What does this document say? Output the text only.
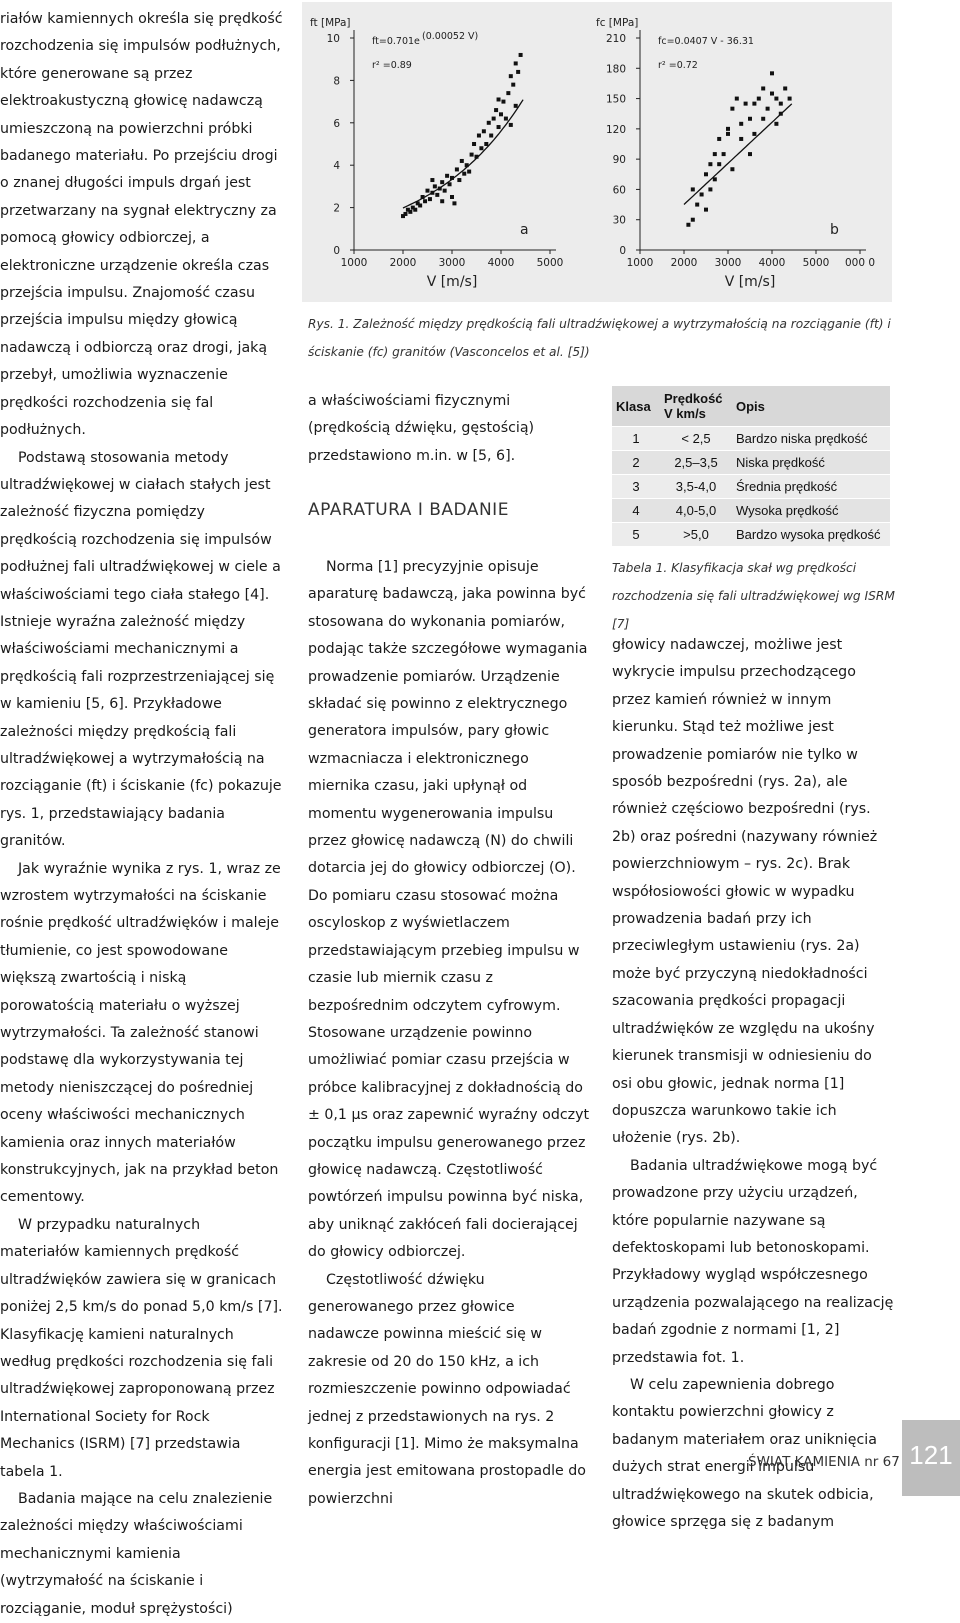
riałów kamiennych określa się prędkość rozchodzenia się impulsów podłużnych, które generowane są przez elektroakustyczną głowicę nadawczą umieszczoną na powierzchni próbki badanego materiału. Po przejściu drogi o znanej długości impuls drgań jest przetwarzany na sygnał elektryczny za pomocą głowicy odbiorczej, a elektroniczne urządzenie określa czas przejścia impulsu. Znajomość czasu przejścia impulsu między głowicą nadawczą i odbiorczą oraz drogi, jaką przebył, umożliwia wyznaczenie prędkości rozchodzenia się fal podłużnych.

Podstawą stosowania metody ultradźwiękowej w ciałach stałych jest zależność fizyczna pomiędzy prędkością rozchodzenia się impulsów podłużnej fali ultradźwiękowej w ciele a właściwościami tego ciała stałego [4]. Istnieje wyraźna zależność między właściwościami mechanicznymi a prędkością fali rozprzestrzeniającej się w kamieniu [5, 6]. Przykładowe zależności między prędkością fali ultradźwiękowej a wytrzymałością na rozciąganie (ft) i ściskanie (fc) pokazuje rys. 1, przedstawiający badania granitów.

Jak wyraźnie wynika z rys. 1, wraz ze wzrostem wytrzymałości na ściskanie rośnie prędkość ultradźwięków i maleje tłumienie, co jest spowodowane większą zwartością i niską porowatością materiału o wyższej wytrzymałości. Ta zależność stanowi podstawę dla wykorzystywania tej metody nieniszczącej do pośredniej oceny właściwości mechanicznych kamienia oraz innych materiałów konstrukcyjnych, jak na przykład beton cementowy.

W przypadku naturalnych materiałów kamiennych prędkość ultradźwięków zawiera się w granicach poniżej 2,5 km/s do ponad 5,0 km/s [7]. Klasyfikację kamieni naturalnych według prędkości rozchodzenia się fali ultradźwiękowej zaproponowaną przez International Society for Rock Mechanics (ISRM) [7] przedstawia tabela 1.

Badania mające na celu znalezienie zależności między właściwościami mechanicznymi kamienia (wytrzymałość na ściskanie i rozciąganie, moduł sprężystości)

0
2
4
6
8
10
1000 2000 3000 4000 5000
ft [MPa]
V [m/s]
a
ft=0.701e (0.00052 V)
r² =0.89
0
30
60
90
120
150
180
210
1000 2000 3000 4000 5000 000 0
fc [MPa]
V [m/s]
b
fc=0.0407 V - 36.31
r² =0.72
Rys. 1. Zależność między prędkością fali ultradźwiękowej a wytrzymałością na rozciąganie (ft) i ściskanie (fc) granitów (Vasconcelos et al. [5])

a właściwościami fizycznymi (prędkością dźwięku, gęstością) przedstawiono m.in. w [5, 6].

APARATURA I BADANIE

Norma [1] precyzyjnie opisuje aparaturę badawczą, jaka powinna być stosowana do wykonania pomiarów, podając także szczegółowe wymagania prowadzenie pomiarów. Urządzenie składać się powinno z elektrycznego generatora impulsów, pary głowic wzmacniacza i elektronicznego miernika czasu, jaki upłynął od momentu wygenerowania impulsu przez głowicę nadawczą (N) do chwili dotarcia jej do głowicy odbiorczej (O). Do pomiaru czasu stosować można oscyloskop z wyświetlaczem przedstawiającym przebieg impulsu w czasie lub miernik czasu z bezpośrednim odczytem cyfrowym. Stosowane urządzenie powinno umożliwiać pomiar czasu przejścia w próbce kalibracyjnej z dokładnością do ± 0,1 μs oraz zapewnić wyraźny odczyt początku impulsu generowanego przez głowicę nadawczą. Częstotliwość powtórzeń impulsu powinna być niska, aby uniknąć zakłóceń fali docierającej do głowicy odbiorczej.

Częstotliwość dźwięku generowanego przez głowice nadawcze powinna mieścić się w zakresie od 20 do 150 kHz, a ich rozmieszczenie powinno odpowiadać jednej z przedstawionych na rys. 2 konfiguracji [1]. Mimo że maksymalna energia jest emitowana prostopadle do powierzchni

Klasa	Prędkość V km/s	Opis
1	< 2,5	Bardzo niska prędkość
2	2,5–3,5	Niska prędkość
3	3,5-4,0	Średnia prędkość
4	4,0-5,0	Wysoka prędkość
5	>5,0	Bardzo wysoka prędkość
Tabela 1. Klasyfikacja skał wg prędkości rozchodzenia się fali ultradźwiękowej wg ISRM [7]

głowicy nadawczej, możliwe jest wykrycie impulsu przechodzącego przez kamień również w innym kierunku. Stąd też możliwe jest prowadzenie pomiarów nie tylko w sposób bezpośredni (rys. 2a), ale również częściowo bezpośredni (rys. 2b) oraz pośredni (nazywany również powierzchniowym – rys. 2c). Brak współosiowości głowic w wypadku prowadzenia badań przy ich przeciwległym ustawieniu (rys. 2a) może być przyczyną niedokładności szacowania prędkości propagacji ultradźwięków ze względu na ukośny kierunek transmisji w odniesieniu do osi obu głowic, jednak norma [1] dopuszcza warunkowo takie ich ułożenie (rys. 2b).

Badania ultradźwiękowe mogą być prowadzone przy użyciu urządzeń, które popularnie nazywane są defektoskopami lub betonoskopami. Przykładowy wygląd współczesnego urządzenia pozwalającego na realizację badań zgodnie z normami [1, 2] przedstawia fot. 1.

W celu zapewnienia dobrego kontaktu powierzchni głowicy z badanym materiałem oraz uniknięcia dużych strat energii impulsu ultradźwiękowego na skutek odbicia, głowice sprzęga się z badanym

ŚWIAT KAMIENIA nr 67 121
